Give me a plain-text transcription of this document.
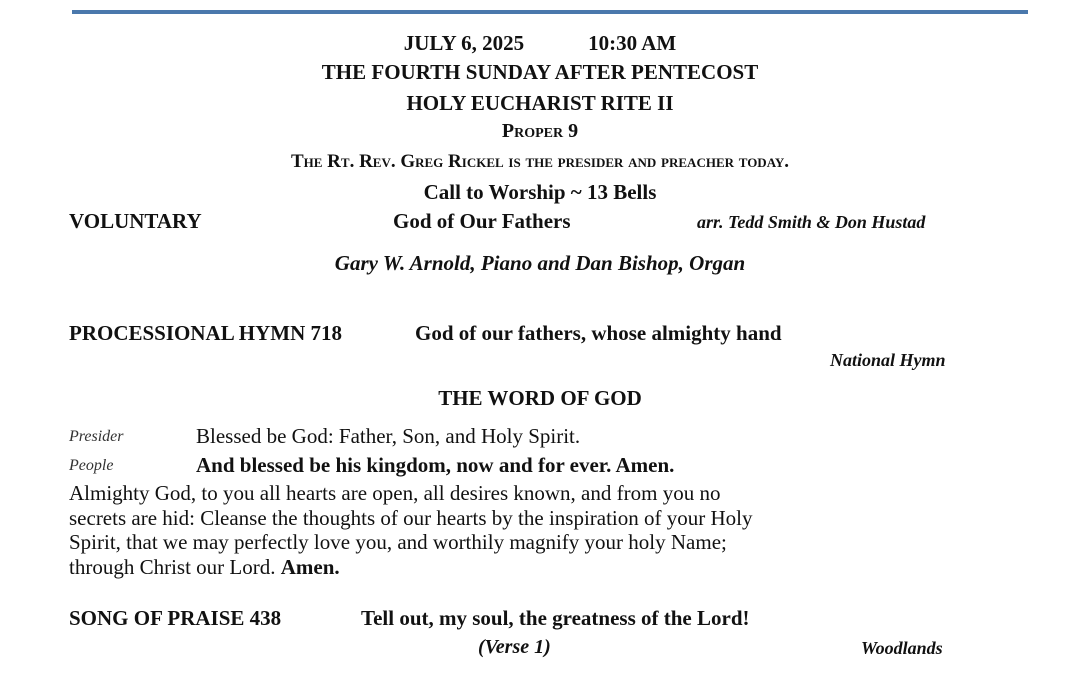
JULY 6, 2025	10:30 AM
THE FOURTH SUNDAY AFTER PENTECOST
HOLY EUCHARIST RITE II
Proper 9
The Rt. Rev. Greg Rickel is the presider and preacher today.
Call to Worship ~ 13 Bells
VOLUNTARY	God of Our Fathers	arr. Tedd Smith & Don Hustad
Gary W. Arnold, Piano and Dan Bishop, Organ
PROCESSIONAL HYMN 718	God of our fathers, whose almighty hand
National Hymn
THE WORD OF GOD
Presider	Blessed be God: Father, Son, and Holy Spirit.
People	And blessed be his kingdom, now and for ever. Amen.
Almighty God, to you all hearts are open, all desires known, and from you no
secrets are hid: Cleanse the thoughts of our hearts by the inspiration of your Holy
Spirit, that we may perfectly love you, and worthily magnify your holy Name;
through Christ our Lord. Amen.
SONG OF PRAISE 438	Tell out, my soul, the greatness of the Lord!
(Verse 1)	Woodlands
